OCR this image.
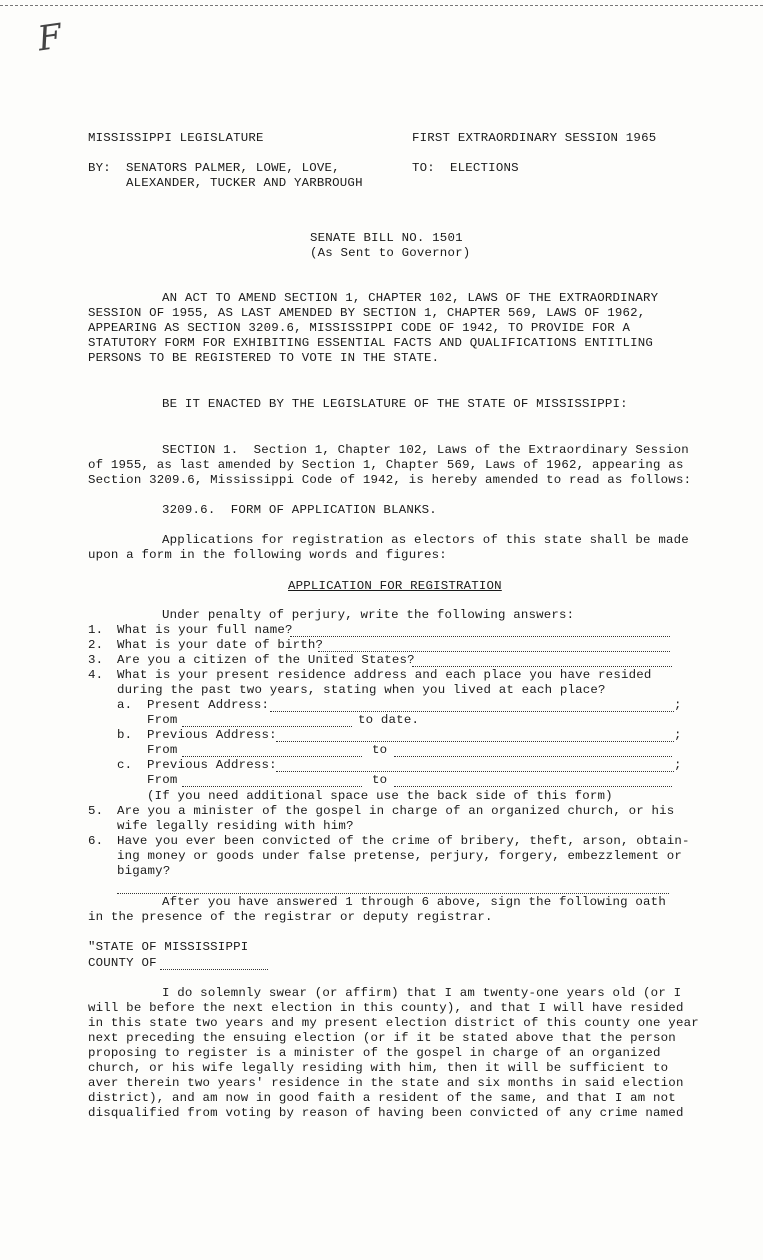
F
MISSISSIPPI LEGISLATURE	FIRST EXTRAORDINARY SESSION 1965
BY: SENATORS PALMER, LOWE, LOVE,
ALEXANDER, TUCKER AND YARBROUGH
TO: ELECTIONS
SENATE BILL NO. 1501
(As Sent to Governor)
AN ACT TO AMEND SECTION 1, CHAPTER 102, LAWS OF THE EXTRAORDINARY
SESSION OF 1955, AS LAST AMENDED BY SECTION 1, CHAPTER 569, LAWS OF 1962,
APPEARING AS SECTION 3209.6, MISSISSIPPI CODE OF 1942, TO PROVIDE FOR A
STATUTORY FORM FOR EXHIBITING ESSENTIAL FACTS AND QUALIFICATIONS ENTITLING
PERSONS TO BE REGISTERED TO VOTE IN THE STATE.
BE IT ENACTED BY THE LEGISLATURE OF THE STATE OF MISSISSIPPI:
SECTION 1.  Section 1, Chapter 102, Laws of the Extraordinary Session
of 1955, as last amended by Section 1, Chapter 569, Laws of 1962, appearing as
Section 3209.6, Mississippi Code of 1942, is hereby amended to read as follows:
3209.6.  FORM OF APPLICATION BLANKS.
Applications for registration as electors of this state shall be made
upon a form in the following words and figures:
APPLICATION FOR REGISTRATION
Under penalty of perjury, write the following answers:
1. What is your full name?
2. What is your date of birth?
3. Are you a citizen of the United States?
4. What is your present residence address and each place you have resided
during the past two years, stating when you lived at each place?
a. Present Address:	;
From	to date.
b. Previous Address:	;
From	to
c. Previous Address:	;
From	to
(If you need additional space use the back side of this form)
5. Are you a minister of the gospel in charge of an organized church, or his
wife legally residing with him?
6. Have you ever been convicted of the crime of bribery, theft, arson, obtain-
ing money or goods under false pretense, perjury, forgery, embezzlement or
bigamy?
After you have answered 1 through 6 above, sign the following oath
in the presence of the registrar or deputy registrar.
"STATE OF MISSISSIPPI
COUNTY OF
I do solemnly swear (or affirm) that I am twenty-one years old (or I
will be before the next election in this county), and that I will have resided
in this state two years and my present election district of this county one year
next preceding the ensuing election (or if it be stated above that the person
proposing to register is a minister of the gospel in charge of an organized
church, or his wife legally residing with him, then it will be sufficient to
aver therein two years' residence in the state and six months in said election
district), and am now in good faith a resident of the same, and that I am not
disqualified from voting by reason of having been convicted of any crime named
